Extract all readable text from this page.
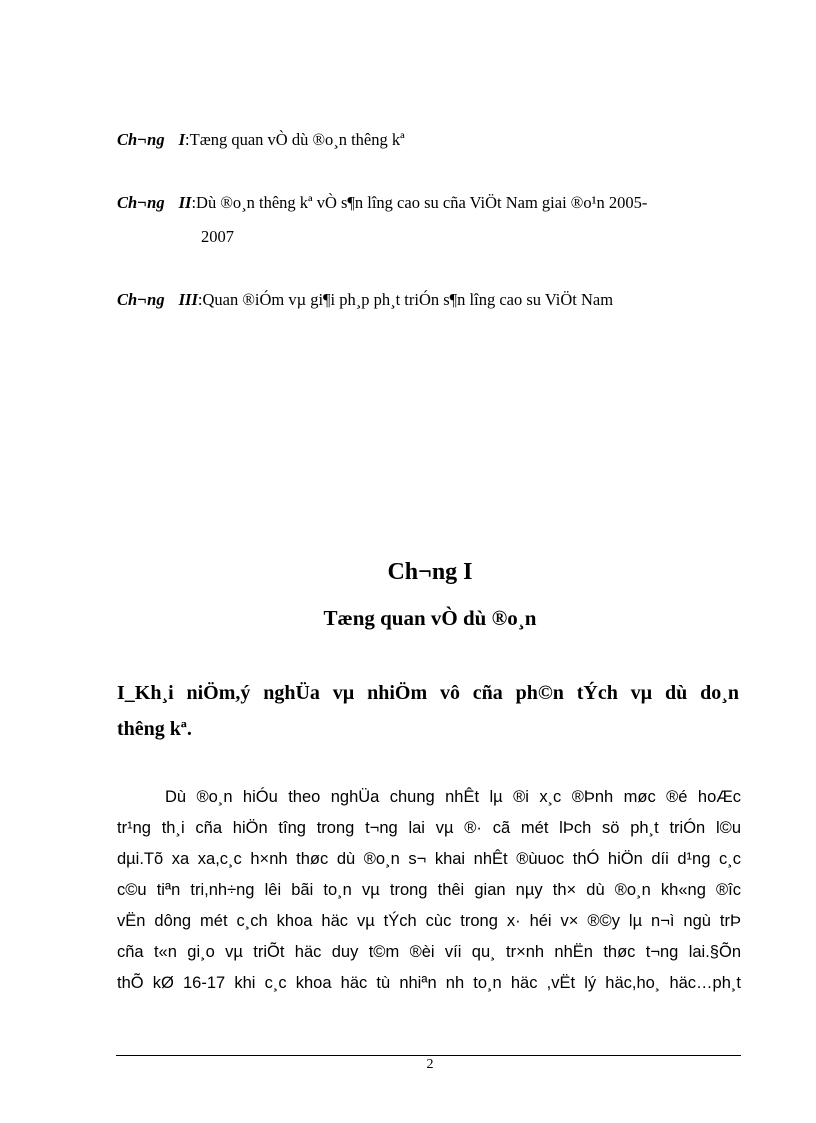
Ch¬ng I:Tæng quan vÒ dù ®o¸n thêng kª
Ch¬ng II:Dù ®o¸n thêng kª vÒ s¶n lîng cao su cña ViÖt Nam giai ®o¹n 2005-
2007
Ch¬ng III:Quan ®iÓm vµ gi¶i ph¸p ph¸t triÓn s¶n lîng cao su ViÖt Nam
Ch¬ng I
Tæng quan vÒ dù ®o¸n
I_Kh¸i niÖm,ý nghÜa vµ nhiÖm vô cña ph©n tÝch vµ dù do¸n
thêng kª.
Dù ®o¸n hiÓu theo nghÜa chung nhÊt lµ ®i x¸c ®Þnh møc ®é hoÆc
tr¹ng th¸i cña hiÖn tîng trong t¬ng lai vµ ®· cã mét lÞch sö ph¸t triÓn l©u
dµi.Tõ xa xa,c¸c h×nh thøc dù ®o¸n s¬ khai nhÊt ®ùuoc thÓ hiÖn díi d¹ng c¸c
c©u tiªn tri,nh÷ng lêi bãi to¸n vµ trong thêi gian nµy th× dù ®o¸n kh«ng ®îc
vËn dông mét c¸ch khoa häc vµ tÝch cùc trong x· héi v× ®©y lµ n¬ì ngù trÞ
cña t«n gi¸o vµ triÕt häc duy t©m ®èi víi qu¸ tr×nh nhËn thøc t¬ng lai.§Õn
thÕ kØ 16-17 khi c¸c khoa häc tù nhiªn nh to¸n häc ,vËt lý häc,ho¸ häc…ph¸t
2
